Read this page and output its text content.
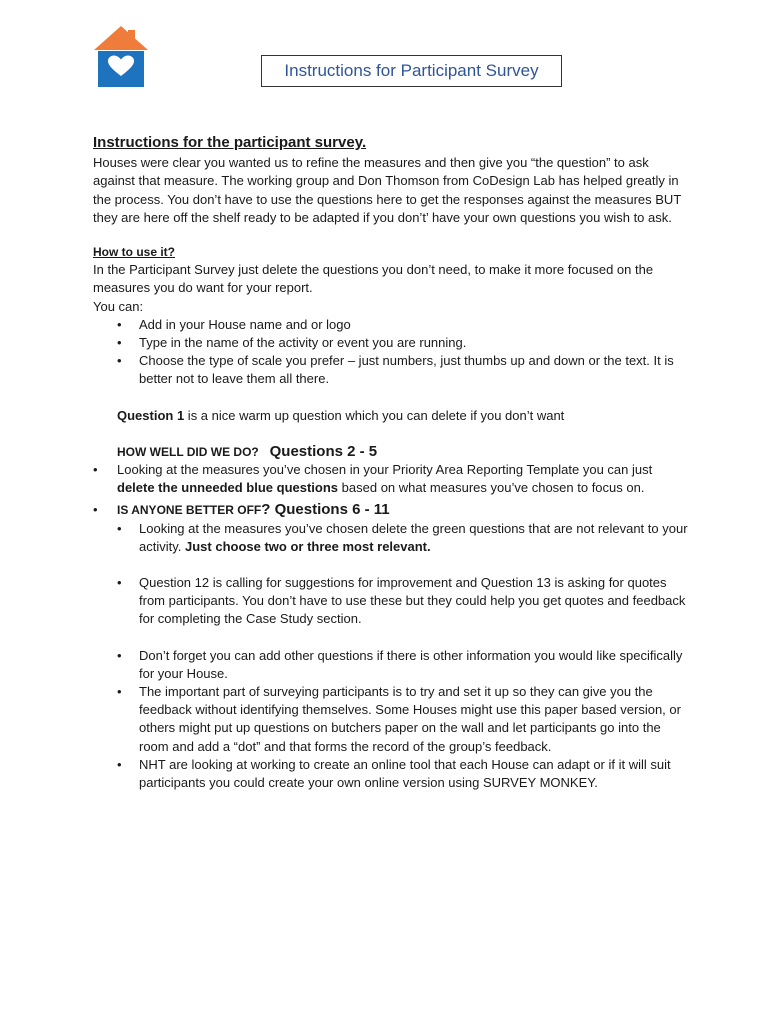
Instructions for Participant Survey

Instructions for the participant survey.

Houses were clear you wanted us to refine the measures and then give you “the question” to ask against that measure. The working group and Don Thomson from CoDesign Lab has helped greatly in the process. You don’t have to use the questions here to get the responses against the measures BUT they are here off the shelf ready to be adapted if you don’t’ have your own questions you wish to ask.

How to use it?

In the Participant Survey just delete the questions you don’t need, to make it more focused on the measures you do want for your report.

You can:

• Add in your House name and or logo
• Type in the name of the activity or event you are running.
• Choose the type of scale you prefer – just numbers, just thumbs up and down or the text. It is better not to leave them all there.

Question 1 is a nice warm up question which you can delete if you don’t want

HOW WELL DID WE DO? Questions 2 - 5

• Looking at the measures you’ve chosen in your Priority Area Reporting Template you can just delete the unneeded blue questions based on what measures you’ve chosen to focus on.
• IS ANYONE BETTER OFF? Questions 6 - 11
• Looking at the measures you’ve chosen delete the green questions that are not relevant to your activity. Just choose two or three most relevant.
• Question 12 is calling for suggestions for improvement and Question 13 is asking for quotes from participants. You don’t have to use these but they could help you get quotes and feedback for completing the Case Study section.
• Don’t forget you can add other questions if there is other information you would like specifically for your House.
• The important part of surveying participants is to try and set it up so they can give you the feedback without identifying themselves. Some Houses might use this paper based version, or others might put up questions on butchers paper on the wall and let participants go into the room and add a “dot” and that forms the record of the group’s feedback.
• NHT are looking at working to create an online tool that each House can adapt or if it will suit participants you could create your own online version using SURVEY MONKEY.
